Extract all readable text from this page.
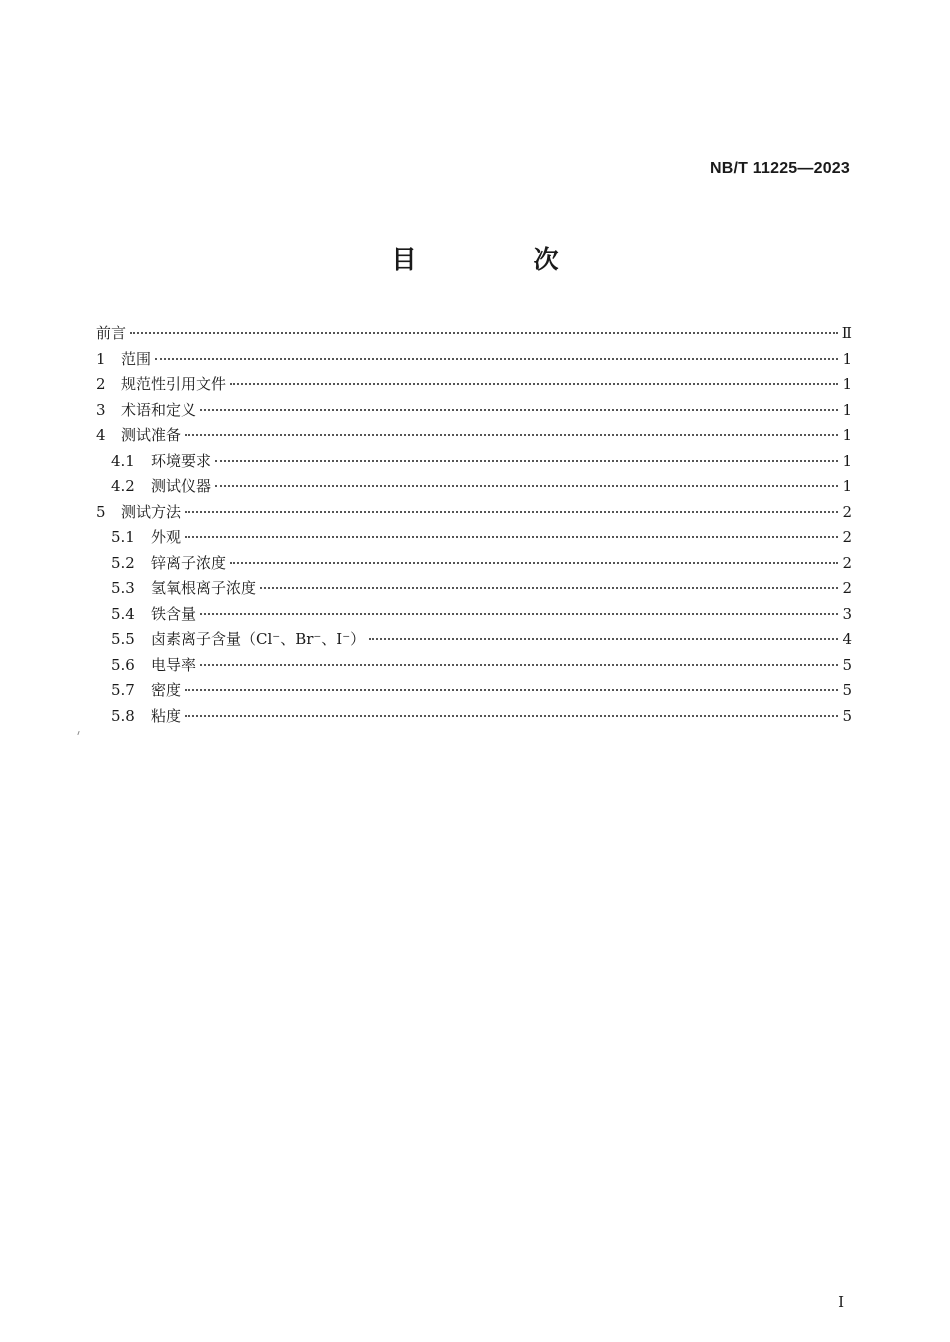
NB/T 11225—2023
目　次
前言	Ⅱ
1	范围	1
2	规范性引用文件	1
3	术语和定义	1
4	测试准备	1
4.1	环境要求	1
4.2	测试仪器	1
5	测试方法	2
5.1	外观	2
5.2	锌离子浓度	2
5.3	氢氧根离子浓度	2
5.4	铁含量	3
5.5	卤素离子含量（Cl⁻、Br⁻、I⁻）	4
5.6	电导率	5
5.7	密度	5
5.8	粘度	5
I
